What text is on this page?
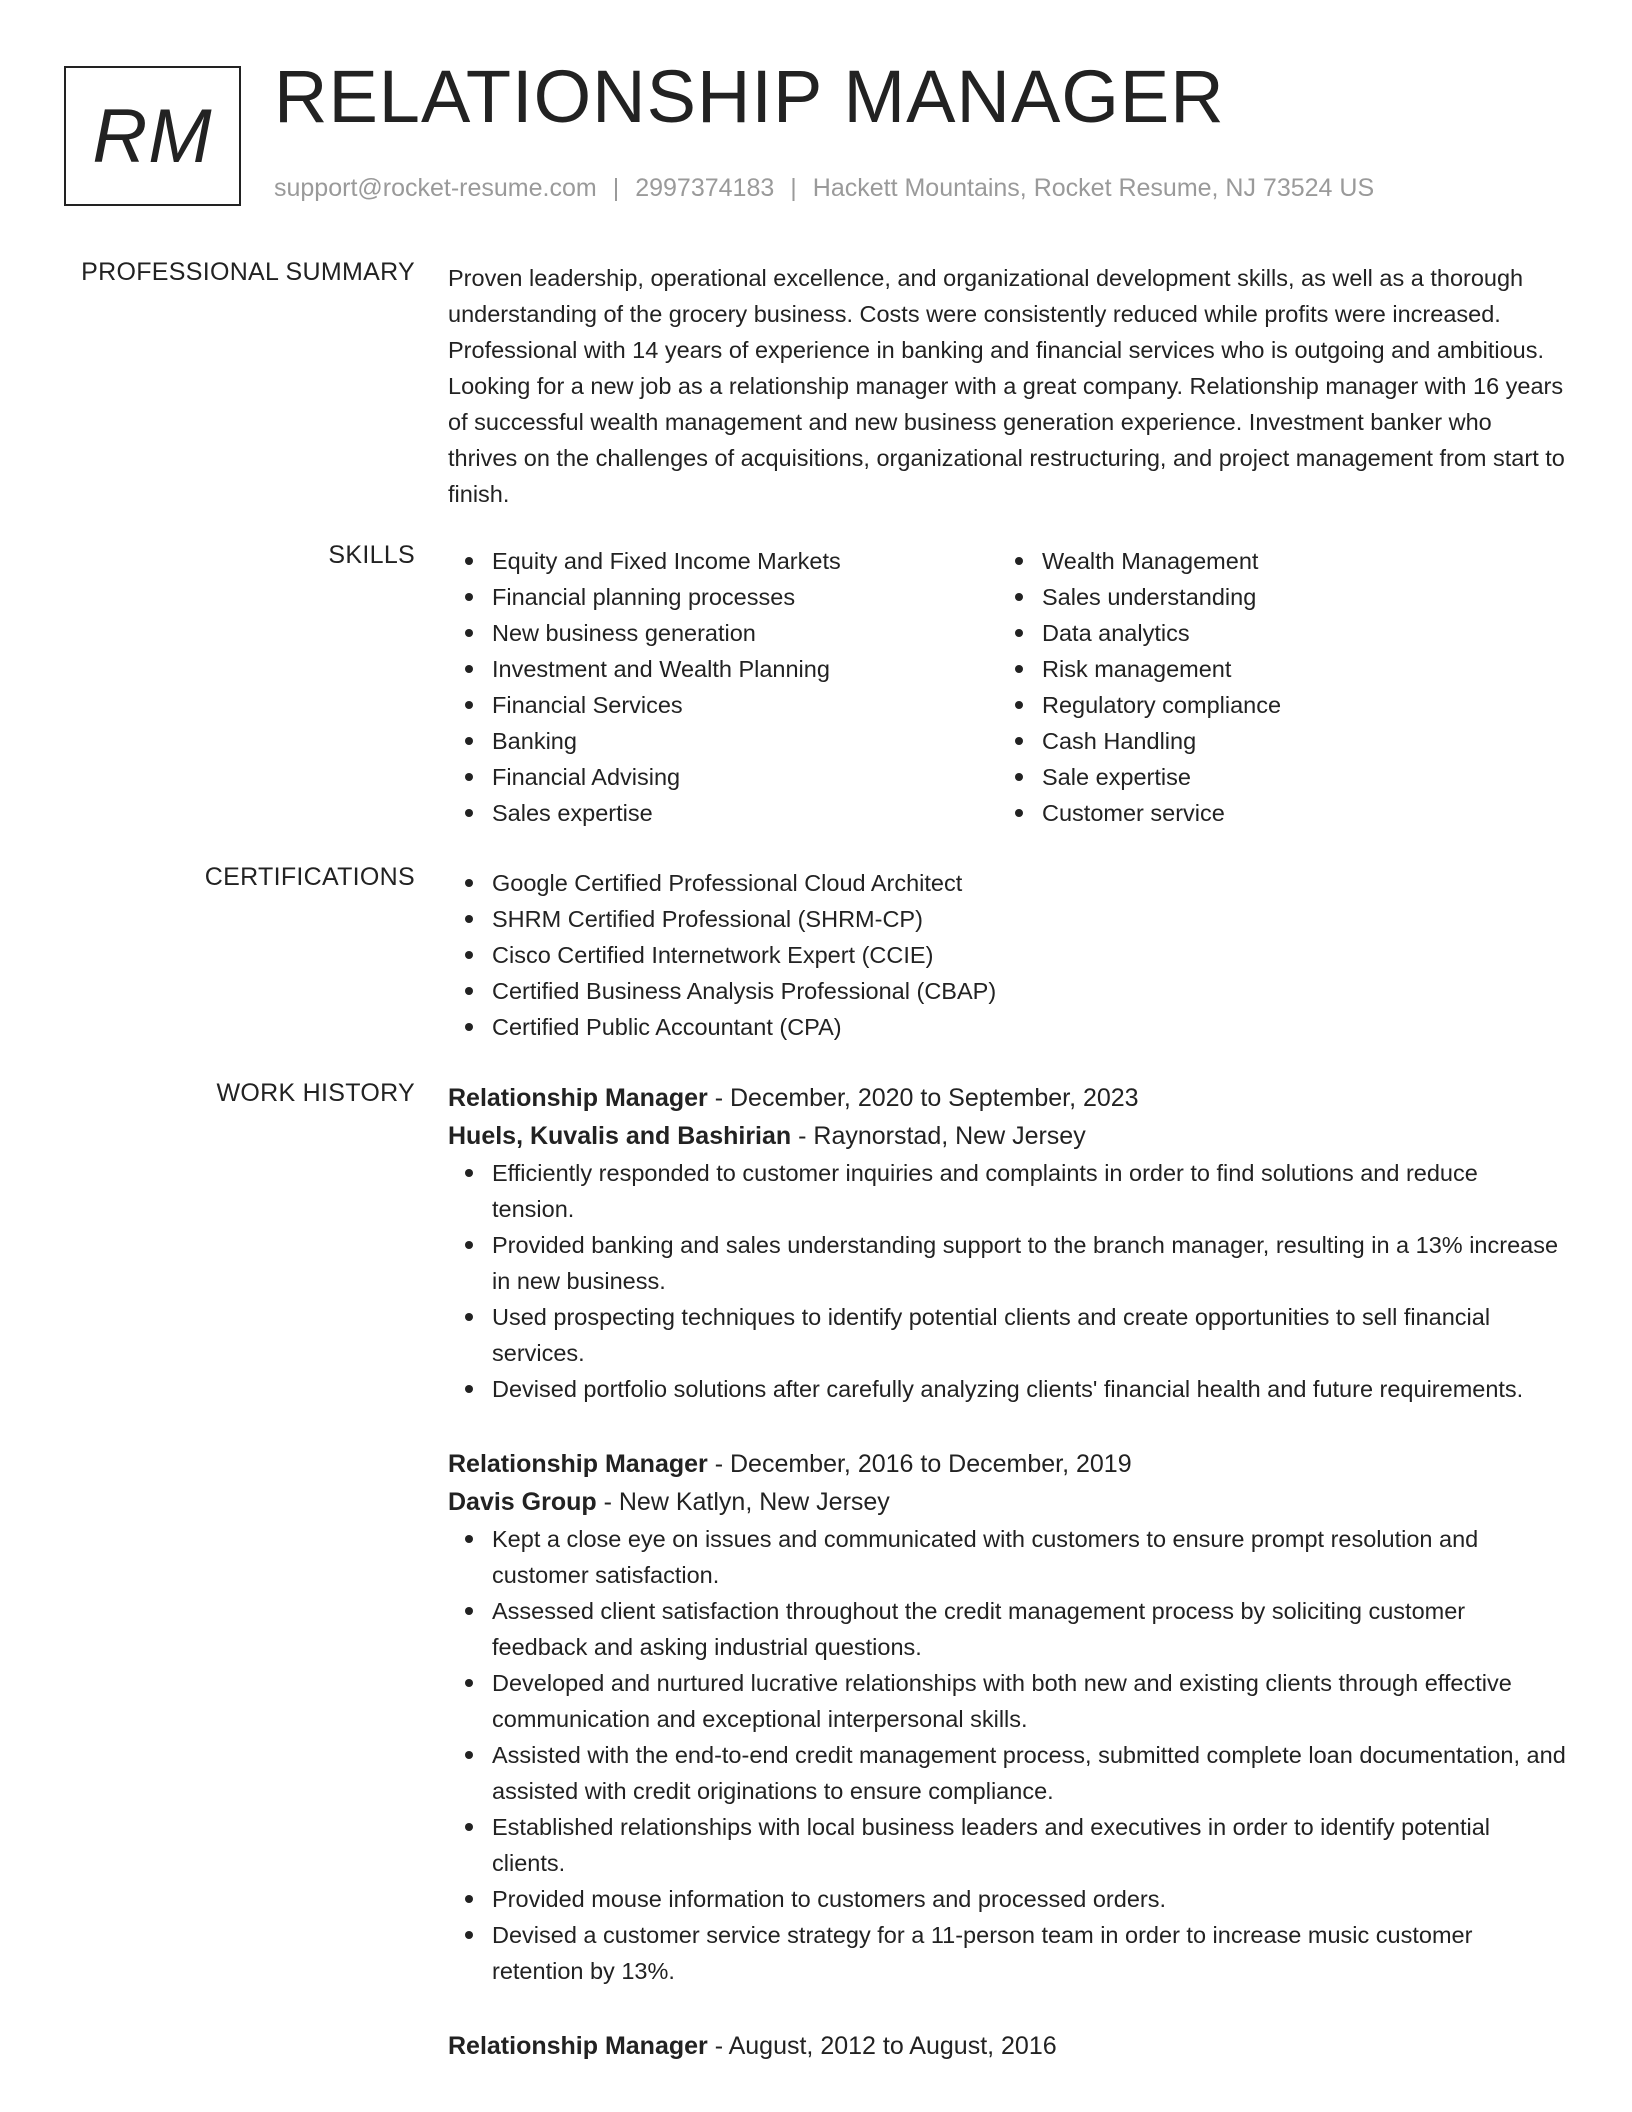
RM RELATIONSHIP MANAGER
support@rocket-resume.com | 2997374183 | Hackett Mountains, Rocket Resume, NJ 73524 US
PROFESSIONAL SUMMARY Proven leadership, operational excellence, and organizational development skills, as well as a thorough understanding of the grocery business. Costs were consistently reduced while profits were increased. Professional with 14 years of experience in banking and financial services who is outgoing and ambitious. Looking for a new job as a relationship manager with a great company. Relationship manager with 16 years of successful wealth management and new business generation experience. Investment banker who thrives on the challenges of acquisitions, organizational restructuring, and project management from start to finish.

SKILLS	Equity and Fixed Income Markets
Financial planning processes
New business generation
Investment and Wealth Planning
Financial Services
Banking
Financial Advising
Sales expertise
Wealth Management
Sales understanding
Data analytics
Risk management
Regulatory compliance
Cash Handling
Sale expertise
Customer service
CERTIFICATIONS	Google Certified Professional Cloud Architect
SHRM Certified Professional (SHRM-CP)
Cisco Certified Internetwork Expert (CCIE)
Certified Business Analysis Professional (CBAP)
Certified Public Accountant (CPA)
WORK HISTORY Relationship Manager - December, 2020 to September, 2023
Huels, Kuvalis and Bashirian - Raynorstad, New Jersey
Efficiently responded to customer inquiries and complaints in order to find solutions and reduce tension.
Provided banking and sales understanding support to the branch manager, resulting in a 13% increase in new business.
Used prospecting techniques to identify potential clients and create opportunities to sell financial services.
Devised portfolio solutions after carefully analyzing clients' financial health and future requirements.
Relationship Manager - December, 2016 to December, 2019
Davis Group - New Katlyn, New Jersey
Kept a close eye on issues and communicated with customers to ensure prompt resolution and customer satisfaction.
Assessed client satisfaction throughout the credit management process by soliciting customer feedback and asking industrial questions.
Developed and nurtured lucrative relationships with both new and existing clients through effective communication and exceptional interpersonal skills.
Assisted with the end-to-end credit management process, submitted complete loan documentation, and assisted with credit originations to ensure compliance.
Established relationships with local business leaders and executives in order to identify potential clients.
Provided mouse information to customers and processed orders.
Devised a customer service strategy for a 11-person team in order to increase music customer retention by 13%.
Relationship Manager - August, 2012 to August, 2016
